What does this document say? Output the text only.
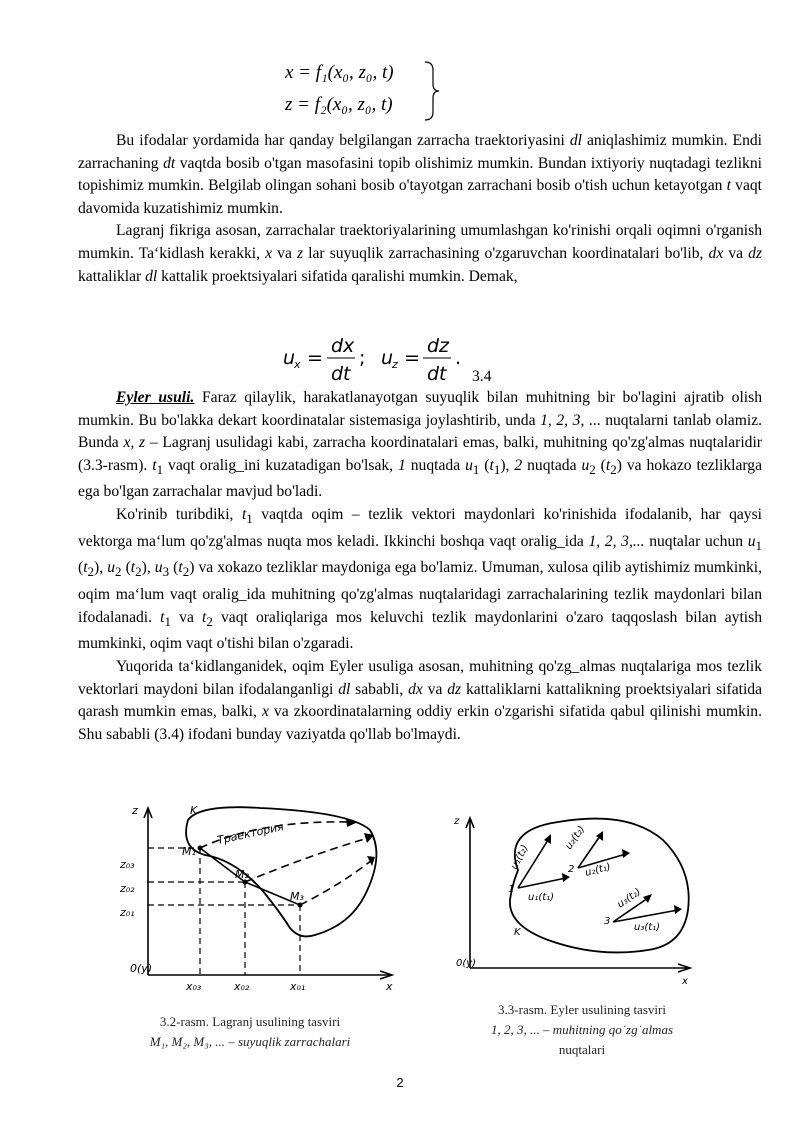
x = f₁(x₀, z₀, t)
z = f₂(x₀, z₀, t)

Bu ifodalar yordamida har qanday belgilangan zarracha traektoriyasini dl aniqlashimiz mumkin. Endi zarrachaning dt vaqtda bosib o'tgan masofasini topib olishimiz mumkin. Bundan ixtiyoriy nuqtadagi tezlikni topishimiz mumkin. Belgilab olingan sohani bosib o'tayotgan zarrachani bosib o'tish uchun ketayotgan t vaqt davomida kuzatishimiz mumkin.

Lagranj fikriga asosan, zarrachalar traektoriyalarining umumlashgan ko'rinishi orqali oqimni o'rganish mumkin. Ta‘kidlash kerakki, x va z lar suyuqlik zarrachasining o'zgaruvchan koordinatalari bo'lib, dx va dz kattaliklar dl kattalik proektsiyalari sifatida qaralishi mumkin. Demak,

u
x =
dx
dt
; u
z =
dz
dt
.
3.4

Eyler usuli. Faraz qilaylik, harakatlanayotgan suyuqlik bilan muhitning bir bo'lagini ajratib olish mumkin. Bu bo'lakka dekart koordinatalar sistemasiga joylashtirib, unda 1, 2, 3, ... nuqtalarni tanlab olamiz. Bunda x, z – Lagranj usulidagi kabi, zarracha koordinatalari emas, balki, muhitning qo'zg'almas nuqtalaridir (3.3-rasm). $t_1$ vaqt oralig_ini kuzatadigan bo'lsak, 1 nuqtada $u_1$ $(t_1)$, 2 nuqtada $u_2$ $(t_2)$ va hokazo tezliklarga ega bo'lgan zarrachalar mavjud bo'ladi.

Ko'rinib turibdiki, $t_1$ vaqtda oqim – tezlik vektori maydonlari ko'rinishida ifodalanib, har qaysi vektorga ma‘lum qo'zg'almas nuqta mos keladi. Ikkinchi boshqa vaqt oralig_ida 1, 2, 3,... nuqtalar uchun $u_1$ $(t_2)$, $u_2$ $(t_2)$, $u_3$ $(t_2)$ va xokazo tezliklar maydoniga ega bo'lamiz. Umuman, xulosa qilib aytishimiz mumkinki, oqim ma‘lum vaqt oralig_ida muhitning qo'zg'almas nuqtalaridagi zarrachalarining tezlik maydonlari bilan ifodalanadi. $t_1$ va $t_2$ vaqt oraliqlariga mos keluvchi tezlik maydonlarini o'zaro taqqoslash bilan aytish mumkinki, oqim vaqt o'tishi bilan o'zgaradi.

Yuqorida ta‘kidlanganidek, oqim Eyler usuliga asosan, muhitning qo'zg_almas nuqtalariga mos tezlik vektorlari maydoni bilan ifodalanganligi dl sababli, dx va dz kattaliklarni kattalikning proektsiyalari sifatida qarash mumkin emas, balki, x va zkoordinatalarning oddiy erkin o'zgarishi sifatida qabul qilinishi mumkin. Shu sababli (3.4) ifodani bunday vaziyatda qo'llab bo'lmaydi.

z
x
0(y)
K
Траектория
M₁
M₂
M₃
z₀₃
z₀₂
z₀₁
x₀₃	x₀₂	x₀₁
3.2-rasm. Lagranj usulining tasviri
M₁, M₂, M₃, ... – suyuqlik zarrachalari
z
x
0(y)
K
1
2
3
u₁(t₂)
u₁(t₁)
u₂(t₂)
u₂(t₁)
u₃(t₂)
u₃(t₁)
3.3-rasm. Eyler usulining tasviri
1, 2, 3, ... – muhitning qo˙zg˙almas
nuqtalari
2
